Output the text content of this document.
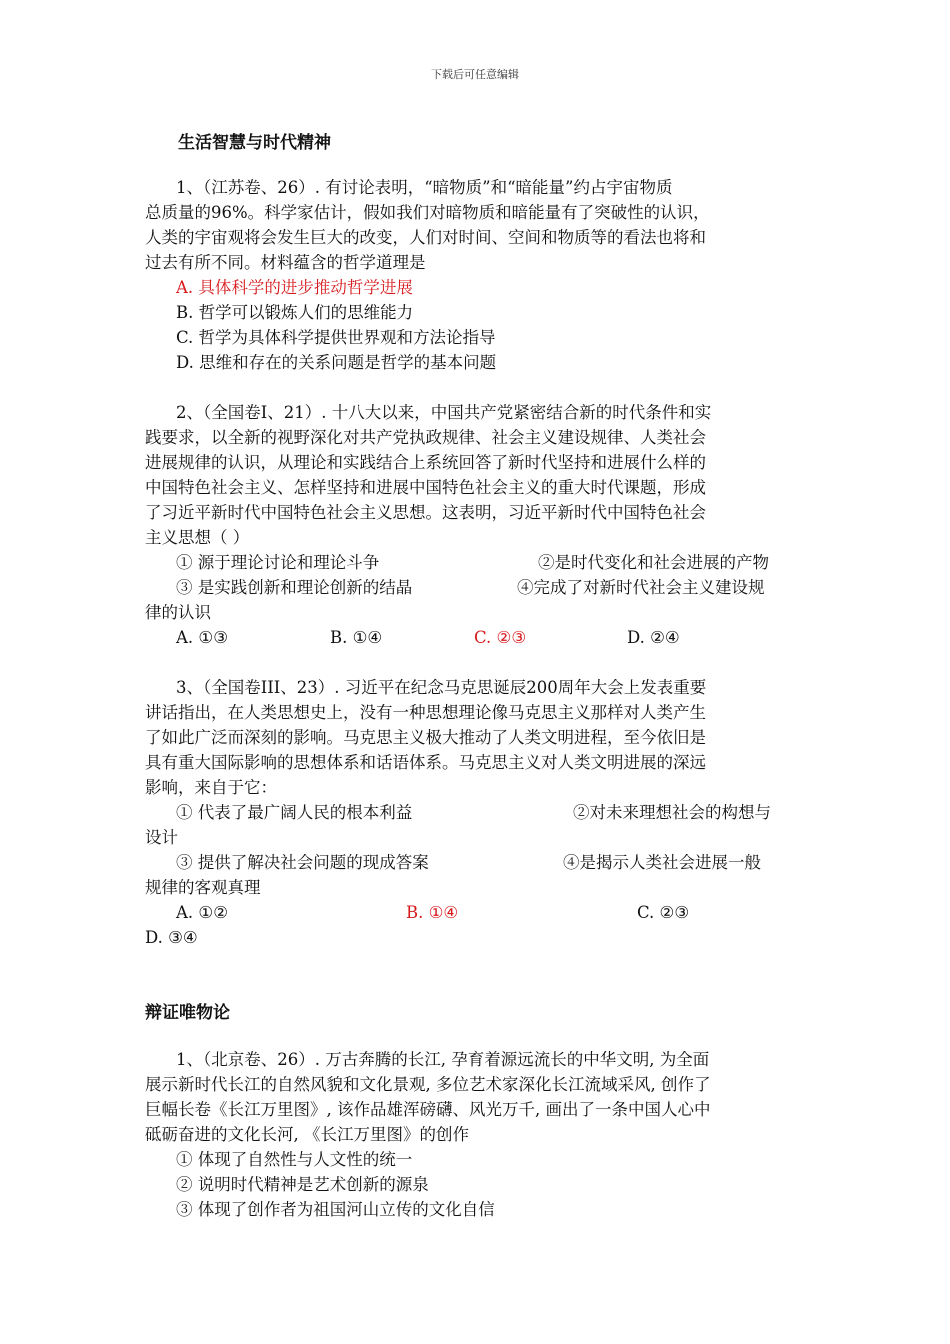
下载后可任意编辑
生活智慧与时代精神
1、（江苏卷、26）. 有讨论表明，“暗物质”和“暗能量”约占宇宙物质
总质量的96%。科学家估计，假如我们对暗物质和暗能量有了突破性的认识，
人类的宇宙观将会发生巨大的改变，人们对时间、空间和物质等的看法也将和
过去有所不同。材料蕴含的哲学道理是
A. 具体科学的进步推动哲学进展
B. 哲学可以锻炼人们的思维能力
C. 哲学为具体科学提供世界观和方法论指导
D. 思维和存在的关系问题是哲学的基本问题
2、（全国卷Ⅰ、21）. 十八大以来，中国共产党紧密结合新的时代条件和实
践要求，以全新的视野深化对共产党执政规律、社会主义建设规律、人类社会
进展规律的认识，从理论和实践结合上系统回答了新时代坚持和进展什么样的
中国特色社会主义、怎样坚持和进展中国特色社会主义的重大时代课题，形成
了习近平新时代中国特色社会主义思想。这表明，习近平新时代中国特色社会
主义思想（ ）
① 源于理论讨论和理论斗争	②是时代变化和社会进展的产物
③ 是实践创新和理论创新的结晶	④完成了对新时代社会主义建设规
律的认识
A. ①③	B. ①④	C. ②③	D. ②④
3、（全国卷III、23）. 习近平在纪念马克思诞辰200周年大会上发表重要
讲话指出，在人类思想史上，没有一种思想理论像马克思主义那样对人类产生
了如此广泛而深刻的影响。马克思主义极大推动了人类文明进程，至今依旧是
具有重大国际影响的思想体系和话语体系。马克思主义对人类文明进展的深远
影响，来自于它：
① 代表了最广阔人民的根本利益	②对未来理想社会的构想与
设计
③ 提供了解决社会问题的现成答案	④是揭示人类社会进展一般
规律的客观真理
A. ①②	B. ①④	C. ②③
D. ③④
辩证唯物论
1、（北京卷、26）. 万古奔腾的长江, 孕育着源远流长的中华文明, 为全面
展示新时代长江的自然风貌和文化景观, 多位艺术家深化长江流域采风, 创作了
巨幅长卷《长江万里图》, 该作品雄浑磅礴、风光万千, 画出了一条中国人心中
砥砺奋进的文化长河, 《长江万里图》的创作
① 体现了自然性与人文性的统一
② 说明时代精神是艺术创新的源泉
③ 体现了创作者为祖国河山立传的文化自信
